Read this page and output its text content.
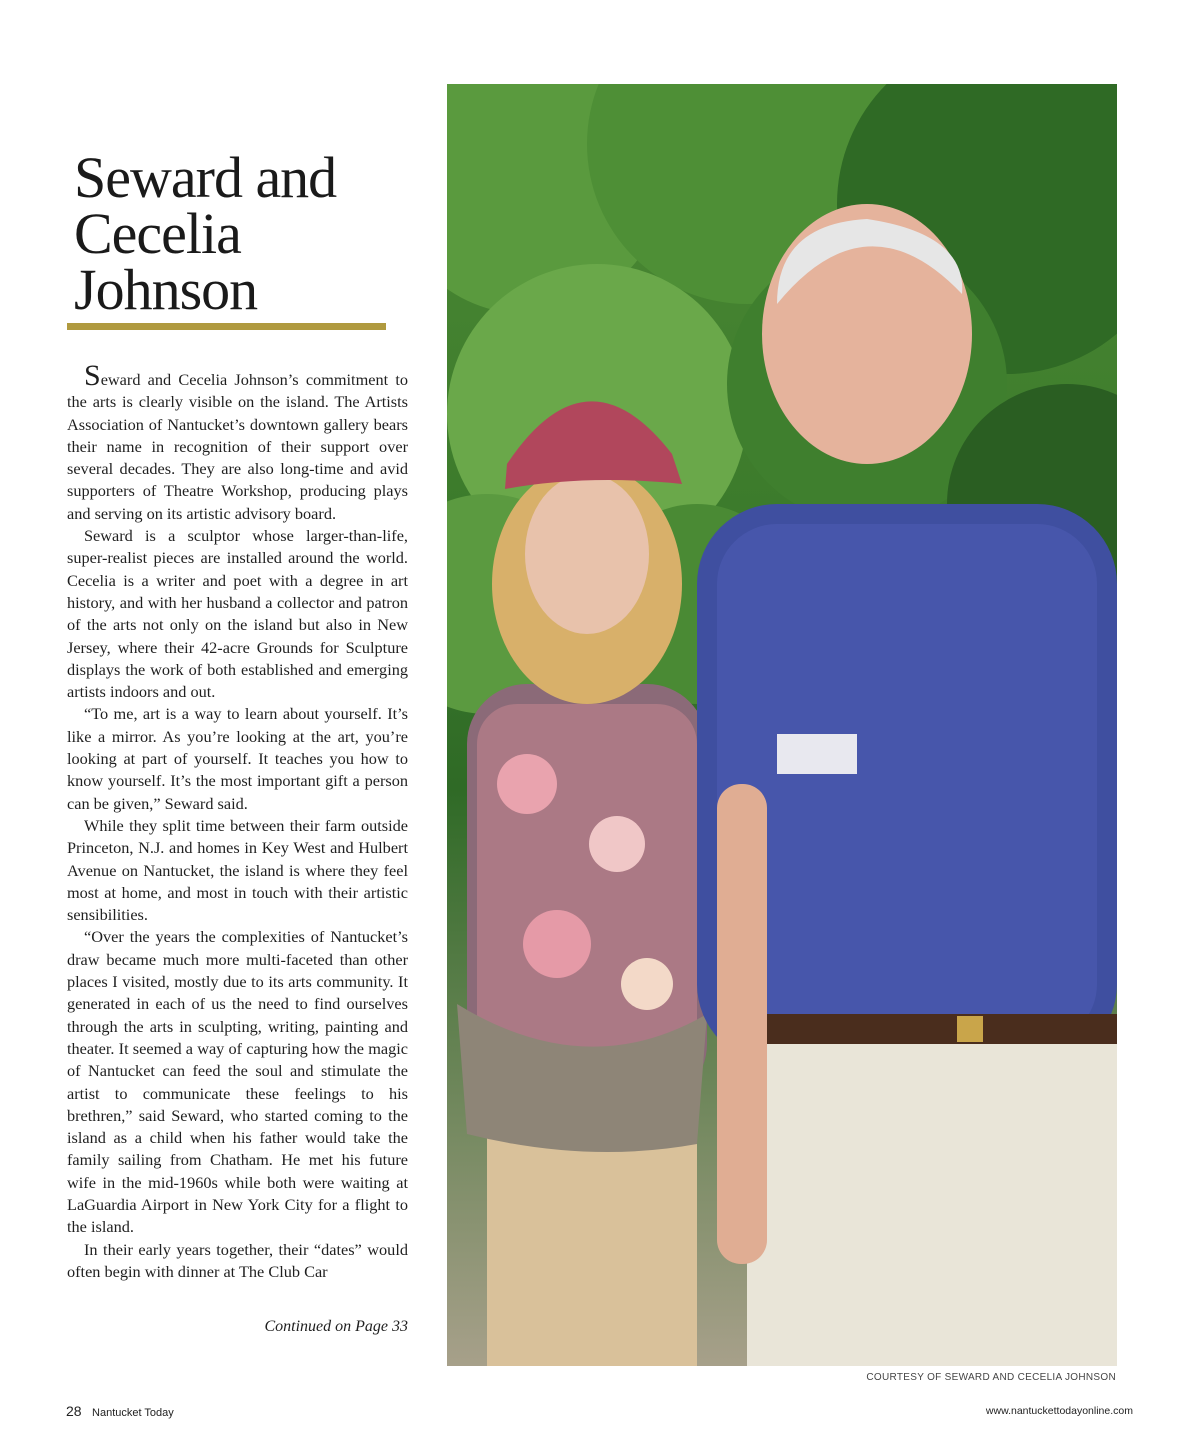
Seward and
Cecelia
Johnson

Seward and Cecelia Johnson’s commitment to the arts is clearly visible on the island. The Artists Association of Nantucket’s downtown gallery bears their name in recognition of their support over several decades. They are also long-time and avid supporters of Theatre Workshop, producing plays and serving on its artistic advisory board.

Seward is a sculptor whose larger-than-life, super-realist pieces are installed around the world. Cecelia is a writer and poet with a degree in art history, and with her husband a collector and patron of the arts not only on the island but also in New Jersey, where their 42-acre Grounds for Sculpture displays the work of both established and emerging artists indoors and out.

“To me, art is a way to learn about yourself. It’s like a mirror. As you’re looking at the art, you’re looking at part of yourself. It teaches you how to know yourself. It’s the most important gift a person can be given,” Seward said.

While they split time between their farm outside Princeton, N.J. and homes in Key West and Hulbert Avenue on Nantucket, the island is where they feel most at home, and most in touch with their artistic sensibilities.

“Over the years the complexities of Nantucket’s draw became much more multi-faceted than other places I visited, mostly due to its arts community. It generated in each of us the need to find ourselves through the arts in sculpting, writing, painting and theater. It seemed a way of capturing how the magic of Nantucket can feed the soul and stimulate the artist to communicate these feelings to his brethren,” said Seward, who started coming to the island as a child when his father would take the family sailing from Chatham. He met his future wife in the mid-1960s while both were waiting at LaGuardia Airport in New York City for a flight to the island.

In their early years together, their “dates” would often begin with dinner at The Club Car

Continued on Page 33
COURTESY OF SEWARD AND CECELIA JOHNSON
28 Nantucket Today	www.nantuckettodayonline.com
